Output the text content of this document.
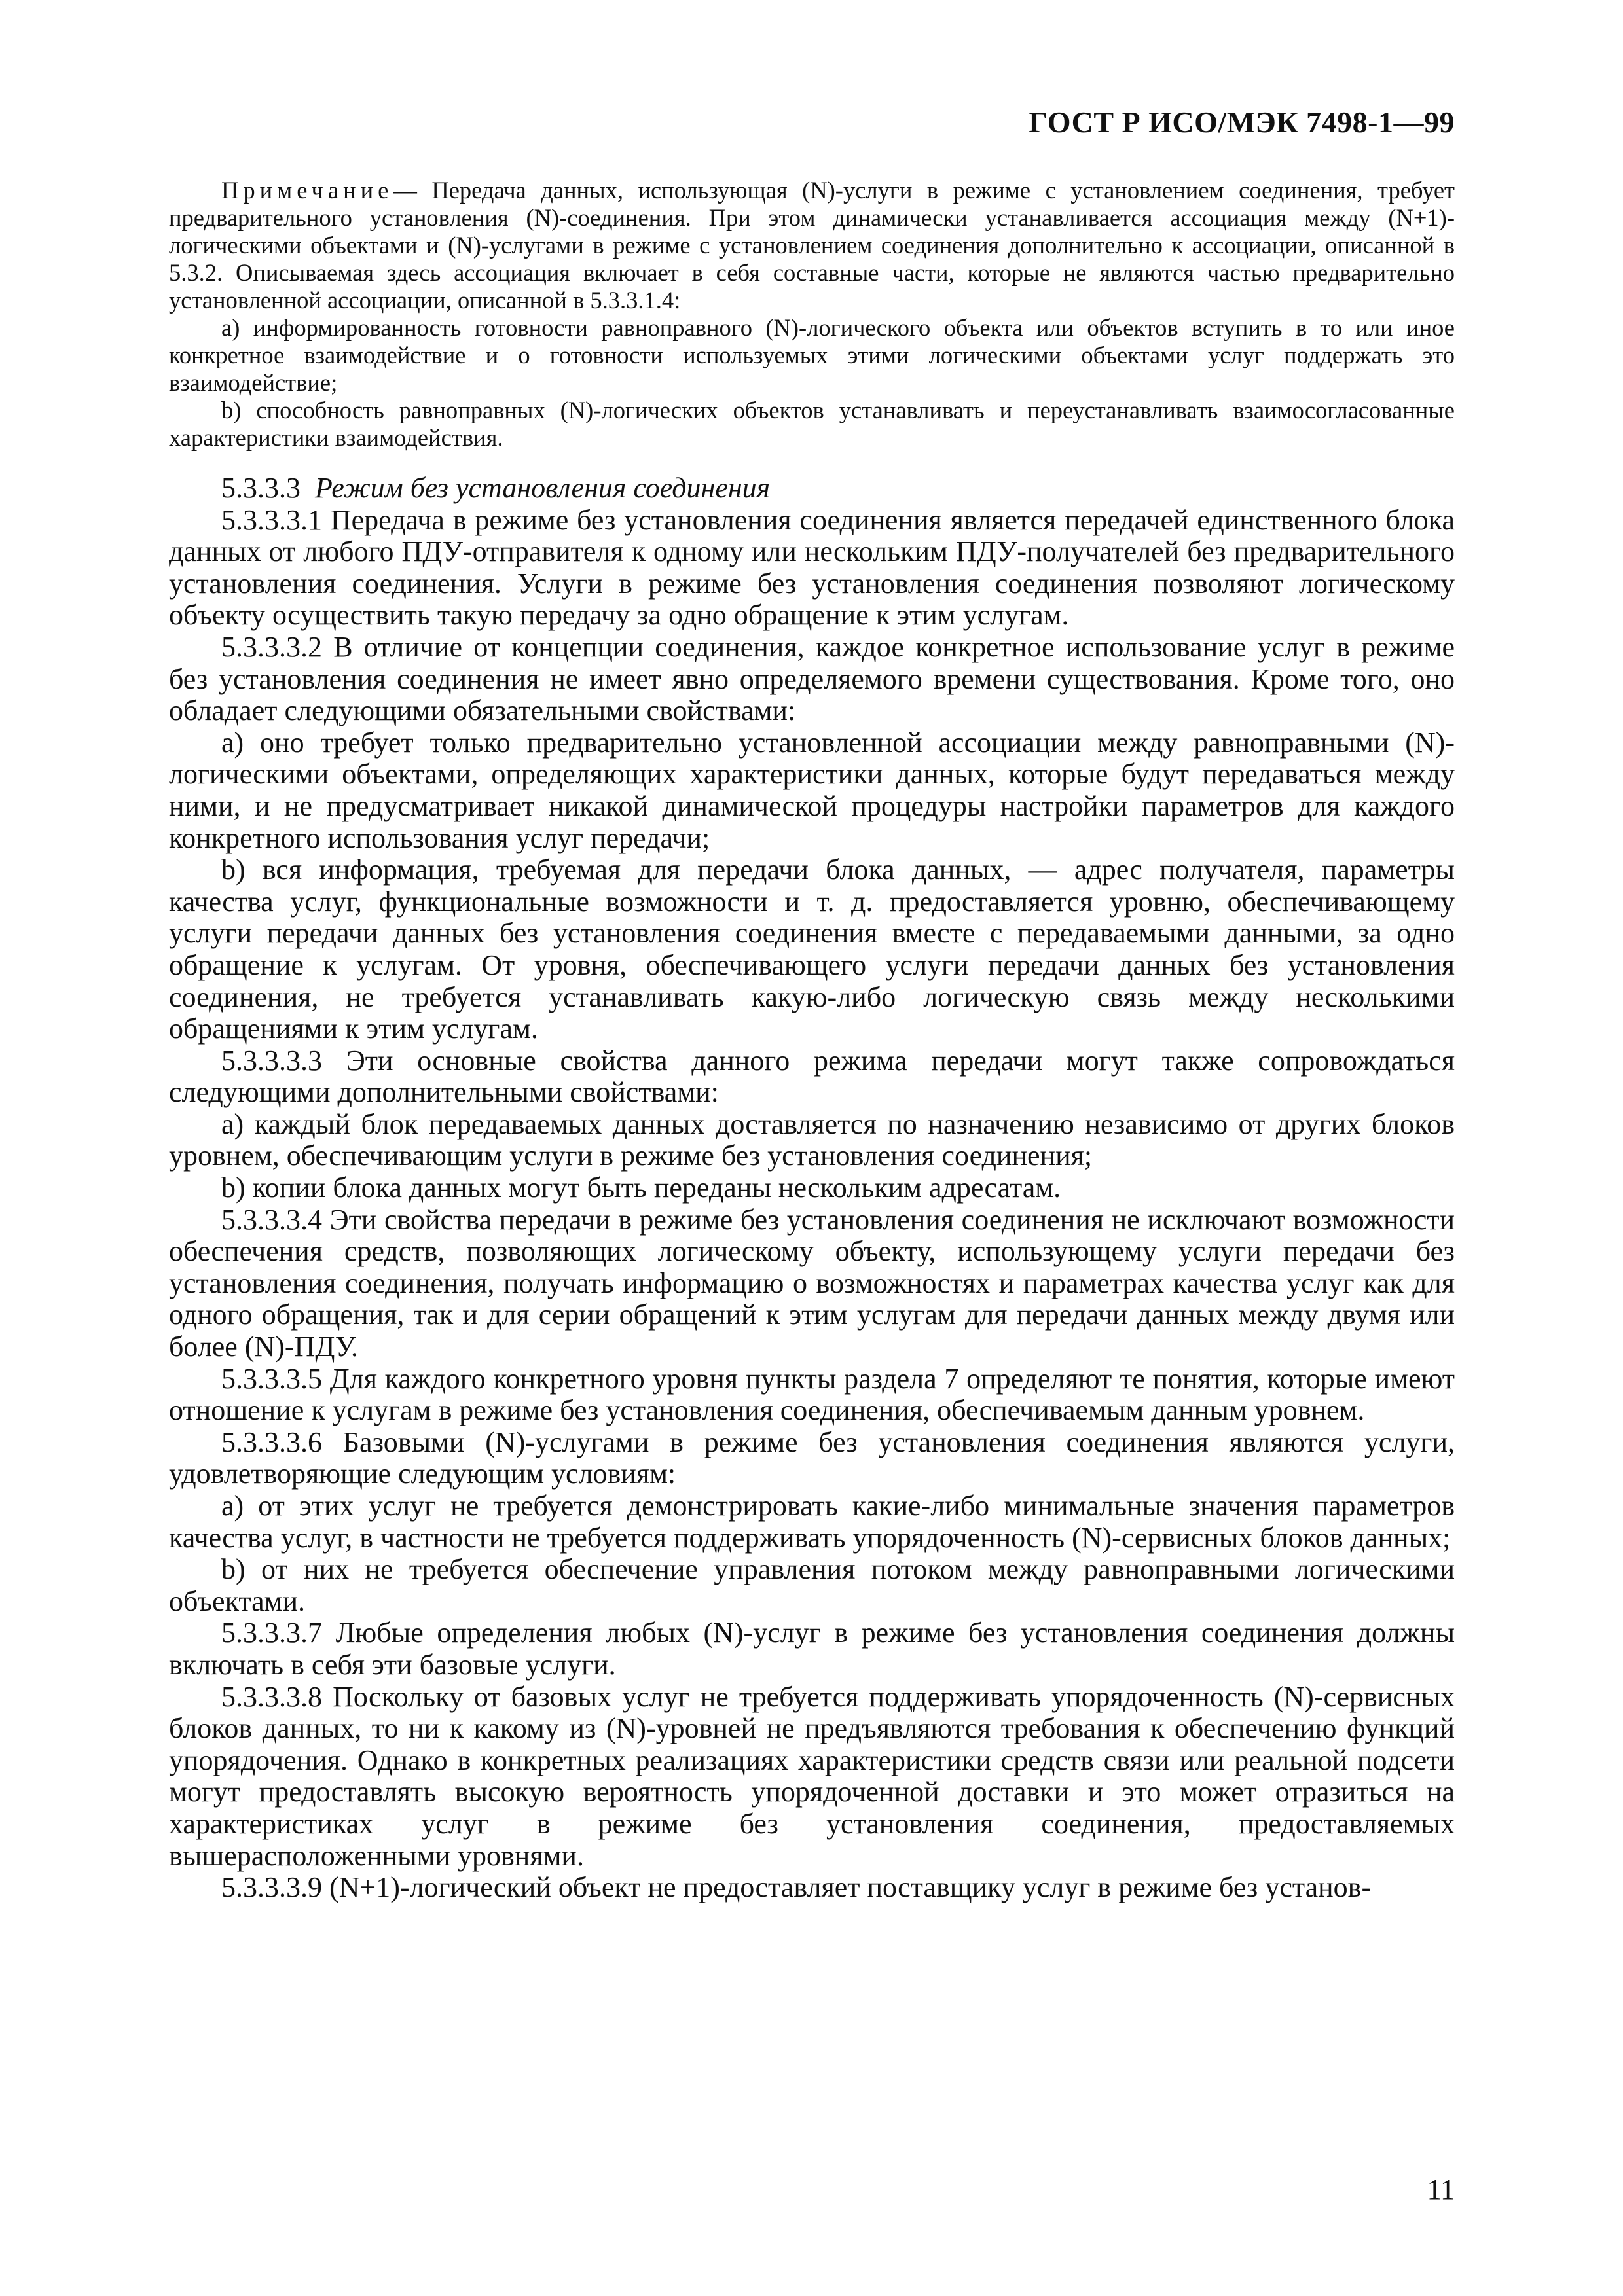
ГОСТ Р ИСО/МЭК 7498-1—99

Примечание— Передача данных, использующая (N)-услуги в режиме с установлением соединения, требует предварительного установления (N)-соединения. При этом динамически устанавливается ассоциация между (N+1)-логическими объектами и (N)-услугами в режиме с установлением соединения дополнительно к ассоциации, описанной в 5.3.2. Описываемая здесь ассоциация включает в себя составные части, которые не являются частью предварительно установленной ассоциации, описанной в 5.3.3.1.4:

a) информированность готовности равноправного (N)-логического объекта или объектов вступить в то или иное конкретное взаимодействие и о готовности используемых этими логическими объектами услуг поддержать это взаимодействие;

b) способность равноправных (N)-логических объектов устанавливать и переустанавливать взаимосогласованные характеристики взаимодействия.

5.3.3.3 Режим без установления соединения

5.3.3.3.1 Передача в режиме без установления соединения является передачей единственного блока данных от любого ПДУ-отправителя к одному или нескольким ПДУ-получателей без предварительного установления соединения. Услуги в режиме без установления соединения позволяют логическому объекту осуществить такую передачу за одно обращение к этим услугам.

5.3.3.3.2 В отличие от концепции соединения, каждое конкретное использование услуг в режиме без установления соединения не имеет явно определяемого времени существования. Кроме того, оно обладает следующими обязательными свойствами:

a) оно требует только предварительно установленной ассоциации между равноправными (N)-логическими объектами, определяющих характеристики данных, которые будут передаваться между ними, и не предусматривает никакой динамической процедуры настройки параметров для каждого конкретного использования услуг передачи;

b) вся информация, требуемая для передачи блока данных, — адрес получателя, параметры качества услуг, функциональные возможности и т. д. предоставляется уровню, обеспечивающему услуги передачи данных без установления соединения вместе с передаваемыми данными, за одно обращение к услугам. От уровня, обеспечивающего услуги передачи данных без установления соединения, не требуется устанавливать какую-либо логическую связь между несколькими обращениями к этим услугам.

5.3.3.3.3 Эти основные свойства данного режима передачи могут также сопровождаться следующими дополнительными свойствами:

a) каждый блок передаваемых данных доставляется по назначению независимо от других блоков уровнем, обеспечивающим услуги в режиме без установления соединения;

b) копии блока данных могут быть переданы нескольким адресатам.

5.3.3.3.4 Эти свойства передачи в режиме без установления соединения не исключают возможности обеспечения средств, позволяющих логическому объекту, использующему услуги передачи без установления соединения, получать информацию о возможностях и параметрах качества услуг как для одного обращения, так и для серии обращений к этим услугам для передачи данных между двумя или более (N)-ПДУ.

5.3.3.3.5 Для каждого конкретного уровня пункты раздела 7 определяют те понятия, которые имеют отношение к услугам в режиме без установления соединения, обеспечиваемым данным уровнем.

5.3.3.3.6 Базовыми (N)-услугами в режиме без установления соединения являются услуги, удовлетворяющие следующим условиям:

a) от этих услуг не требуется демонстрировать какие-либо минимальные значения параметров качества услуг, в частности не требуется поддерживать упорядоченность (N)-сервисных блоков данных;

b) от них не требуется обеспечение управления потоком между равноправными логическими объектами.

5.3.3.3.7 Любые определения любых (N)-услуг в режиме без установления соединения должны включать в себя эти базовые услуги.

5.3.3.3.8 Поскольку от базовых услуг не требуется поддерживать упорядоченность (N)-сервисных блоков данных, то ни к какому из (N)-уровней не предъявляются требования к обеспечению функций упорядочения. Однако в конкретных реализациях характеристики средств связи или реальной подсети могут предоставлять высокую вероятность упорядоченной доставки и это может отразиться на характеристиках услуг в режиме без установления соединения, предоставляемых вышерасположенными уровнями.

5.3.3.3.9 (N+1)-логический объект не предоставляет поставщику услуг в режиме без установ-

11
